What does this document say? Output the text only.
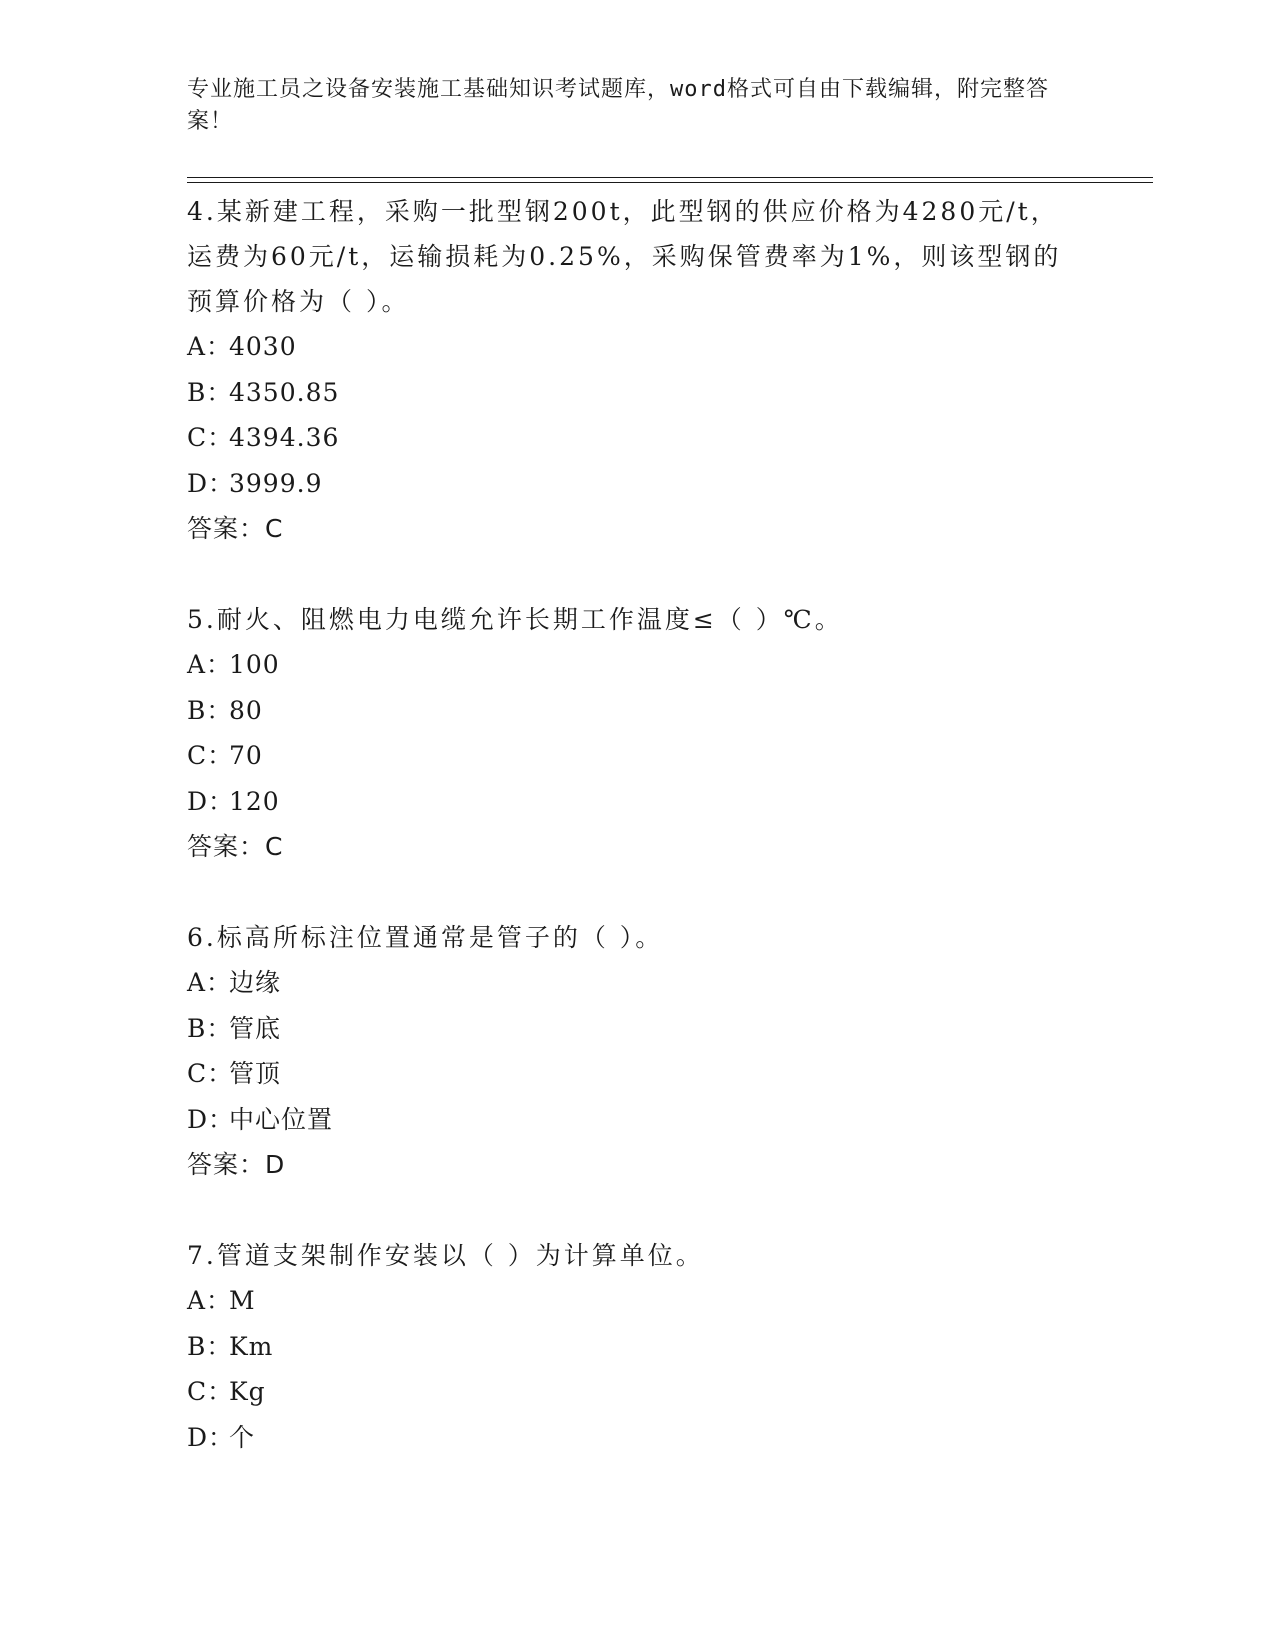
专业施工员之设备安装施工基础知识考试题库，word格式可自由下载编辑，附完整答案！
4.某新建工程，采购一批型钢200t，此型钢的供应价格为4280元/t，运费为60元/t，运输损耗为0.25%，采购保管费率为1%，则该型钢的预算价格为（ ）。
A：4030
B：4350.85
C：4394.36
D：3999.9
答案：C
5.耐火、阻燃电力电缆允许长期工作温度≤（ ）℃。
A：100
B：80
C：70
D：120
答案：C
6.标高所标注位置通常是管子的（ ）。
A：边缘
B：管底
C：管顶
D：中心位置
答案：D
7.管道支架制作安装以（ ）为计算单位。
A：M
B：Km
C：Kg
D：个
